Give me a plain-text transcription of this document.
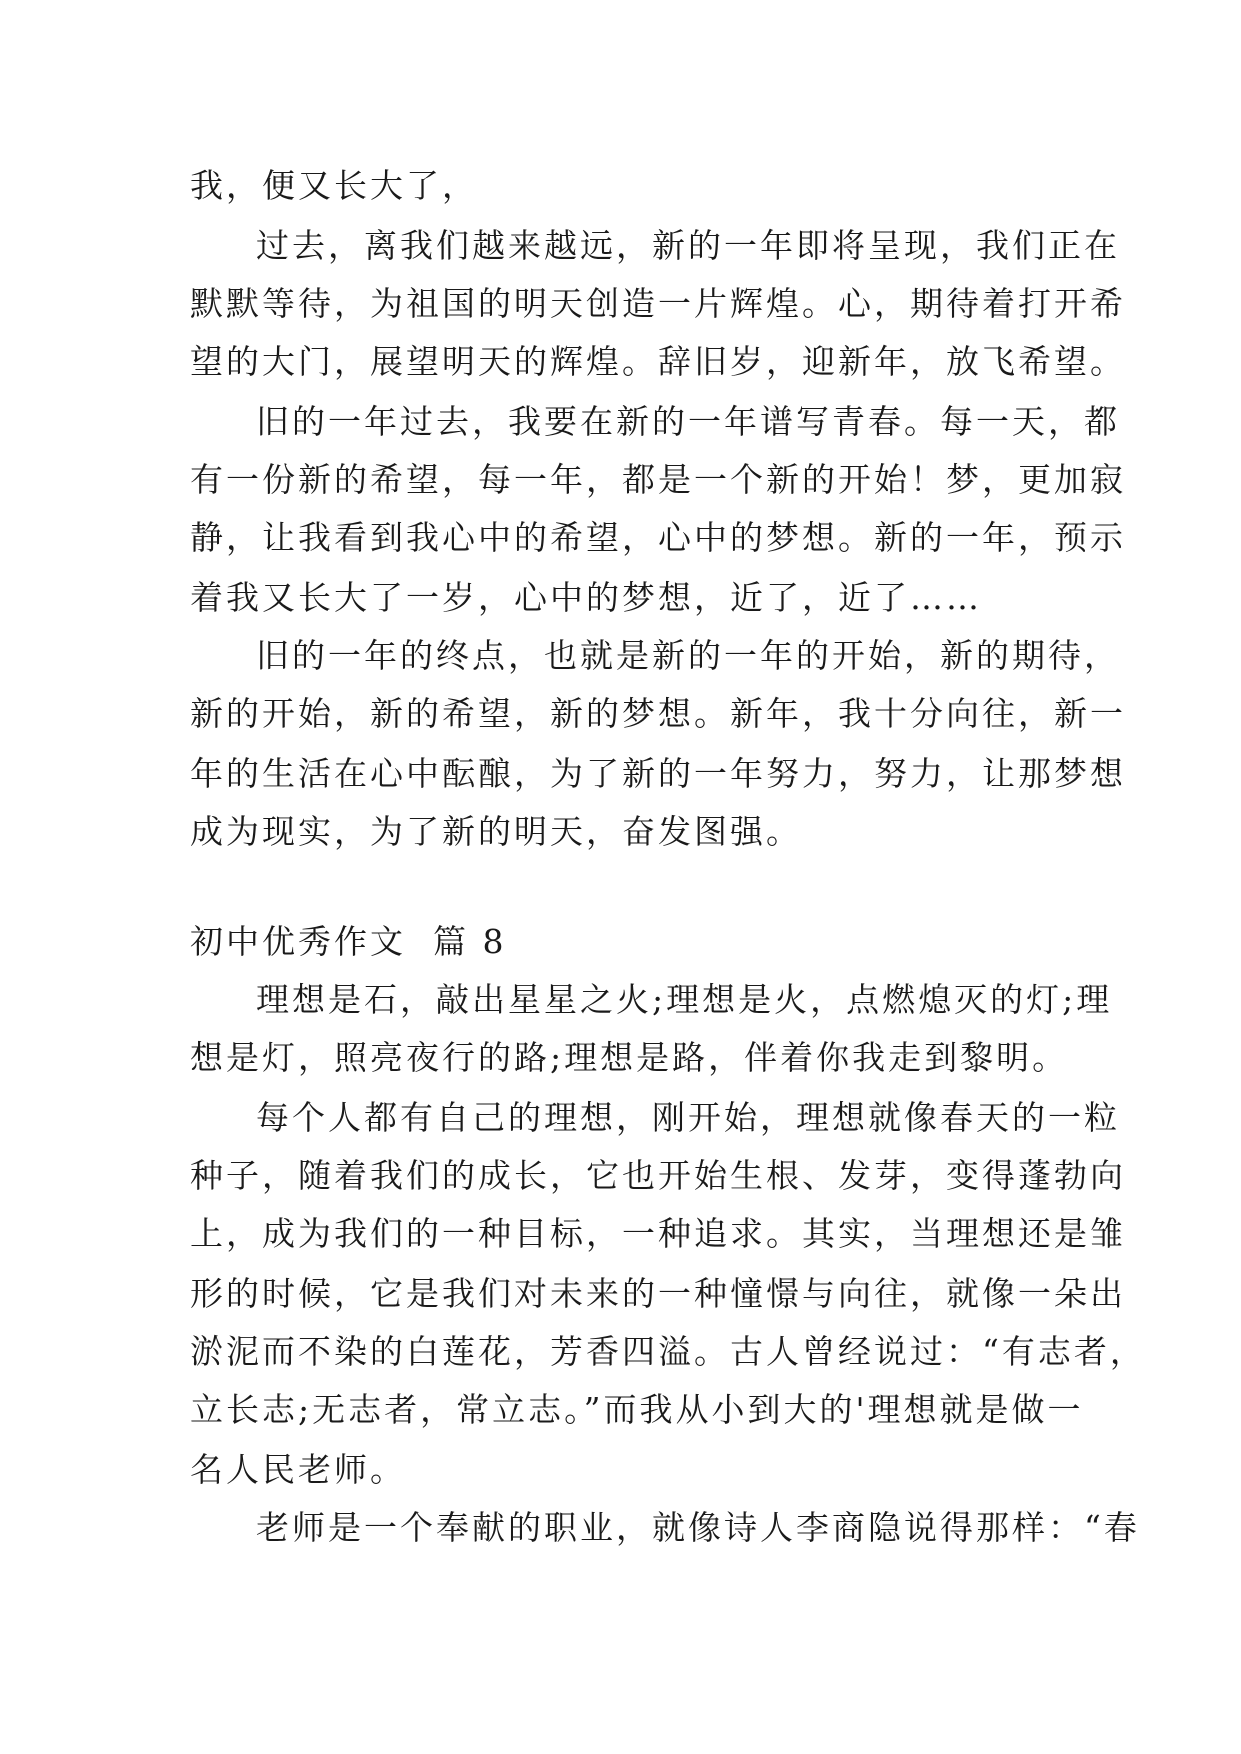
我，便又长大了，
过去，离我们越来越远，新的一年即将呈现，我们正在
默默等待，为祖国的明天创造一片辉煌。心，期待着打开希
望的大门，展望明天的辉煌。辞旧岁，迎新年，放飞希望。
旧的一年过去，我要在新的一年谱写青春。每一天，都
有一份新的希望，每一年，都是一个新的开始！梦，更加寂
静，让我看到我心中的希望，心中的梦想。新的一年，预示
着我又长大了一岁，心中的梦想，近了，近了……
旧的一年的终点，也就是新的一年的开始，新的期待，
新的开始，新的希望，新的梦想。新年，我十分向往，新一
年的生活在心中酝酿，为了新的一年努力，努力，让那梦想
成为现实，为了新的明天，奋发图强。
初中优秀作文  篇 8
理想是石，敲出星星之火;理想是火，点燃熄灭的灯;理
想是灯，照亮夜行的路;理想是路，伴着你我走到黎明。
每个人都有自己的理想，刚开始，理想就像春天的一粒
种子，随着我们的成长，它也开始生根、发芽，变得蓬勃向
上，成为我们的一种目标，一种追求。其实，当理想还是雏
形的时候，它是我们对未来的一种憧憬与向往，就像一朵出
淤泥而不染的白莲花，芳香四溢。古人曾经说过：“有志者，
立长志;无志者，常立志。”而我从小到大的'理想就是做一
名人民老师。
老师是一个奉献的职业，就像诗人李商隐说得那样：“春
